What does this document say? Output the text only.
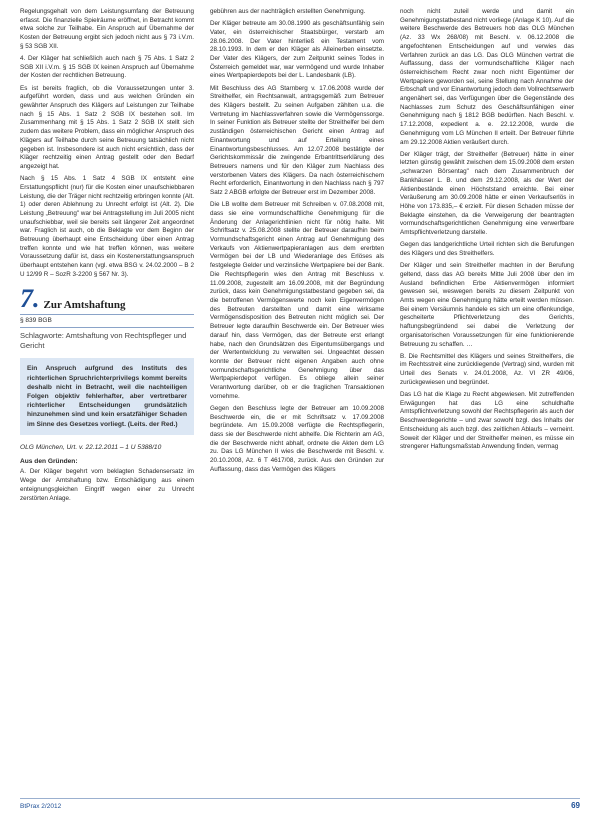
Regelungsgehalt von dem Leistungsumfang der Betreuung erfasst. Die finanzielle Spielräume eröffnet, in Betracht kommt etwa solche zur Teilhabe. Ein Anspruch auf Übernahme der Kosten der Betreuung ergibt sich jedoch nicht aus § 73 i.V.m. § 53 SGB XII.

4. Der Kläger hat schließlich auch nach § 75 Abs. 1 Satz 2 SGB XII i.V.m. § 15 SGB IX keinen Anspruch auf Übernahme der Kosten der rechtlichen Betreuung.

Es ist bereits fraglich, ob die Voraussetzungen unter 3. aufgeführt worden, dass und aus welchen Gründen ein gewährter Anspruch des Klägers auf Leistungen zur Teilhabe nach § 15 Abs. 1 Satz 2 SGB IX bestehen soll. Im Zusammenhang mit § 15 Abs. 1 Satz 2 SGB IX stellt sich zudem das weitere Problem, dass ein möglicher Anspruch des Klägers auf Teilhabe durch seine Betreuung tatsächlich nicht gegeben ist. Insbesondere ist auch nicht ersichtlich, dass der Kläger rechtzeitig einen Antrag gestellt oder den Bedarf angezeigt hat.

Nach § 15 Abs. 1 Satz 4 SGB IX entsteht eine Erstattungspflicht (nur) für die Kosten einer unaufschiebbaren Leistung, die der Träger nicht rechtzeitig erbringen konnte (Alt. 1) oder deren Ablehnung zu Unrecht erfolgt ist (Alt. 2). Die Leistung „Betreuung" war bei Antragstellung im Juli 2005 nicht unaufschiebbar, weil sie bereits seit längerer Zeit angeordnet war. Fraglich ist auch, ob die Beklagte vor dem Beginn der Betreuung überhaupt eine Entscheidung über einen Antrag treffen konnte und wie hat treffen können, was weitere Voraussetzung dafür ist, dass ein Kostenerstattungsanspruch überhaupt entstehen kann (vgl. etwa BSG v. 24.02.2000 – B 2 U 12/99 R – SozR 3-2200 § 567 Nr. 3).

7. Zur Amtshaftung
§ 839 BGB
Schlagworte: Amtshaftung von Rechtspfleger und Gericht
Ein Anspruch aufgrund des Instituts des richterlichen Spruchrichterprivilegs kommt bereits deshalb nicht in Betracht, weil die nachteiligen Folgen objektiv fehlerhafter, aber vertretbarer richterlicher Entscheidungen grundsätzlich hinzunehmen sind und kein ersatzfähiger Schaden im Sinne des Gesetzes vorliegt. (Leits. der Red.)
OLG München, Urt. v. 22.12.2011 – 1 U 5388/10
Aus den Gründen:

A. Der Kläger begehrt vom beklagten Schadensersatz im Wege der Amtshaftung bzw. Entschädigung aus einem enteignungsgleichen Eingriff wegen einer zu Unrecht zerstörten Anlage.

gebühren aus der nachträglich erstellten Genehmigung.

Der Kläger betreute am 30.08.1990 als geschäftsunfähig sein Vater, ein österreichischer Staatsbürger, verstarb am 28.06.2008. Der Vater hinterließ ein Testament vom 28.10.1993. In dem er den Kläger als Alleinerben einsetzte. Der Vater des Klägers, der zum Zeitpunkt seines Todes in Österreich gemeldet war, war vermögend und wurde Inhaber eines Wertpapierdepots bei der L. Landesbank (LB).

Mit Beschluss des AG Starnberg v. 17.06.2008 wurde der Streithelfer, ein Rechtsanwalt, antragsgemäß zum Betreuer des Klägers bestellt. Zu seinen Aufgaben zählten u.a. die Vertretung im Nachlassverfahren sowie die Vermögenssorge. In seiner Funktion als Betreuer stellte der Streithelfer bei dem zuständigen österreichischen Gericht einen Antrag auf Einantwortung und auf Erteilung eines Einantwortungsbeschlusses. Am 12.07.2008 bestätigte der Gerichtskommissär die zwingende Erbantrittserklärung des Betreuers namens und für den Kläger zum Nachlass des verstorbenen Vaters des Klägers. Da nach österreichischem Recht erforderlich, Einantwortung in den Nachlass nach § 797 Satz 2 ABGB erfolgte der Betreuer erst im Dezember 2008.

Die LB wollte dem Betreuer mit Schreiben v. 07.08.2008 mit, dass sie eine vormundschaftliche Genehmigung für die Änderung der Anlagerichtlinien nicht für nötig halte. Mit Schriftsatz v. 25.08.2008 stellte der Betreuer daraufhin beim Vormundschaftsgericht einen Antrag auf Genehmigung des Verkaufs von Aktienwertpapieranlagen aus dem ererbten Vermögen bei der LB und Wiederanlage des Erlöses als festgelegte Gelder und verzinsliche Wertpapiere bei der Bank. Die Rechtspflegerin wies den Antrag mit Beschluss v. 11.09.2008, zugestellt am 16.09.2008, mit der Begründung zurück, dass kein Genehmigungstatbestand gegeben sei, da die betroffenen Vermögenswerte noch kein Eigenvermögen des Betreuten darstellten und damit eine wirksame Vermögensdisposition des Betreuten nicht möglich sei. Der Betreuer legte daraufhin Beschwerde ein. Der Betreuer wies darauf hin, dass Vermögen, das der Betreute erst erlangt habe, nach den Grundsätzen des Eigentumsübergangs und der Wertentwicklung zu verwalten sei. Ungeachtet dessen konnte der Betreuer nicht eigenen Angaben auch ohne vormundschaftsgerichtliche Genehmigung über das Wertpapierdepot verfügen. Es obliege allein seiner Verantwortung darüber, ob er die fraglichen Transaktionen vornehme.

Gegen den Beschluss legte der Betreuer am 10.09.2008 Beschwerde ein, die er mit Schriftsatz v. 17.09.2008 begründete. Am 15.09.2008 verfügte die Rechtspflegerin, dass sie der Beschwerde nicht abhelfe. Die Richterin am AG, die der Beschwerde nicht abhalf, ordnete die Akten dem LG zu. Das LG München II wies die Beschwerde mit Beschl. v. 20.10.2008, Az. 6 T 4617/08, zurück. Aus den Gründen zur Auffassung, dass das Vermögen des Klägers

noch nicht zuteil werde und damit ein Genehmigungstatbestand nicht vorliege (Anlage K 10). Auf die weitere Beschwerde des Betreuers hob das OLG München (Az. 33 Wx 268/08) mit Beschl. v. 06.12.2008 die angefochtenen Entscheidungen auf und verwies das Verfahren zurück an das LG. Das OLG München vertrat die Auffassung, dass der vormundschaftliche Kläger nach österreichischem Recht zwar noch nicht Eigentümer der Wertpapiere geworden sei, seine Stellung nach Annahme der Erbschaft und vor Einantwortung jedoch dem Vollrechtserwerb angenähert sei, das Verfügungen über die Gegenstände des Nachlasses zum Schutz des Geschäftsunfähigen einer Genehmigung nach § 1812 BGB bedürften. Nach Beschl. v. 17.12.2008, expedient a. e. 22.12.2008, wurde die Genehmigung vom LG München II erteilt. Der Betreuer führte am 29.12.2008 Aktien veräußert durch.

Der Kläger trägt, der Streithelfer (Betreuer) hätte in einer letzten günstig gewählt zwischen dem 15.09.2008 dem ersten „schwarzen Börsentag" nach dem Zusammenbruch der Bankhäuser L. B. und dem 29.12.2008, als der Wert der Aktienbestände einen Höchststand erreichte. Bei einer Veräußerung am 30.09.2008 hätte er einen Verkaufserlös in Höhe von 173.835,– € erzielt. Für diesen Schaden müsse der Beklagte einstehen, da die Verweigerung der beantragten vormundschaftsgerichtlichen Genehmigung eine verwerfbare Amtspflichtverletzung darstelle.

Gegen das landgerichtliche Urteil richten sich die Berufungen des Klägers und des Streithelfers.

Der Kläger und sein Streithelfer machten in der Berufung geltend, dass das AG bereits Mitte Juli 2008 über den im Ausland befindlichen Erbe Aktienvermögen informiert gewesen sei, weswegen bereits zu diesem Zeitpunkt von Amts wegen eine Genehmigung hätte erteilt werden müssen. Bei einem Versäumnis handele es sich um eine offenkundige, gescheiterte Pflichtverletzung des Gerichts, haftungsbegründend sei dabei die Verletzung der organisatorischen Voraussetzungen für eine funktionierende Betreuung zu schaffen. …

B. Die Rechtsmittel des Klägers und seines Streithelfers, die im Rechtsstreit eine zurückliegende (Vertrag) sind, wurden mit Urteil des Senats v. 24.01.2008, Az. VI ZR 49/06, zurückgewiesen und begründet.

Das LG hat die Klage zu Recht abgewiesen. Mit zutreffenden Erwägungen hat das LG eine schuldhafte Amtspflichtverletzung sowohl der Rechtspflegerin als auch der Beschwerdegerichte – und zwar sowohl bzgl. des Inhalts der Entscheidung als auch bzgl. des zeitlichen Ablaufs – verneint. Soweit der Kläger und der Streithelfer meinen, es müsse ein strengerer Haftungsmaßstab Anwendung finden, vermag

BtPrax 2/2012	69
